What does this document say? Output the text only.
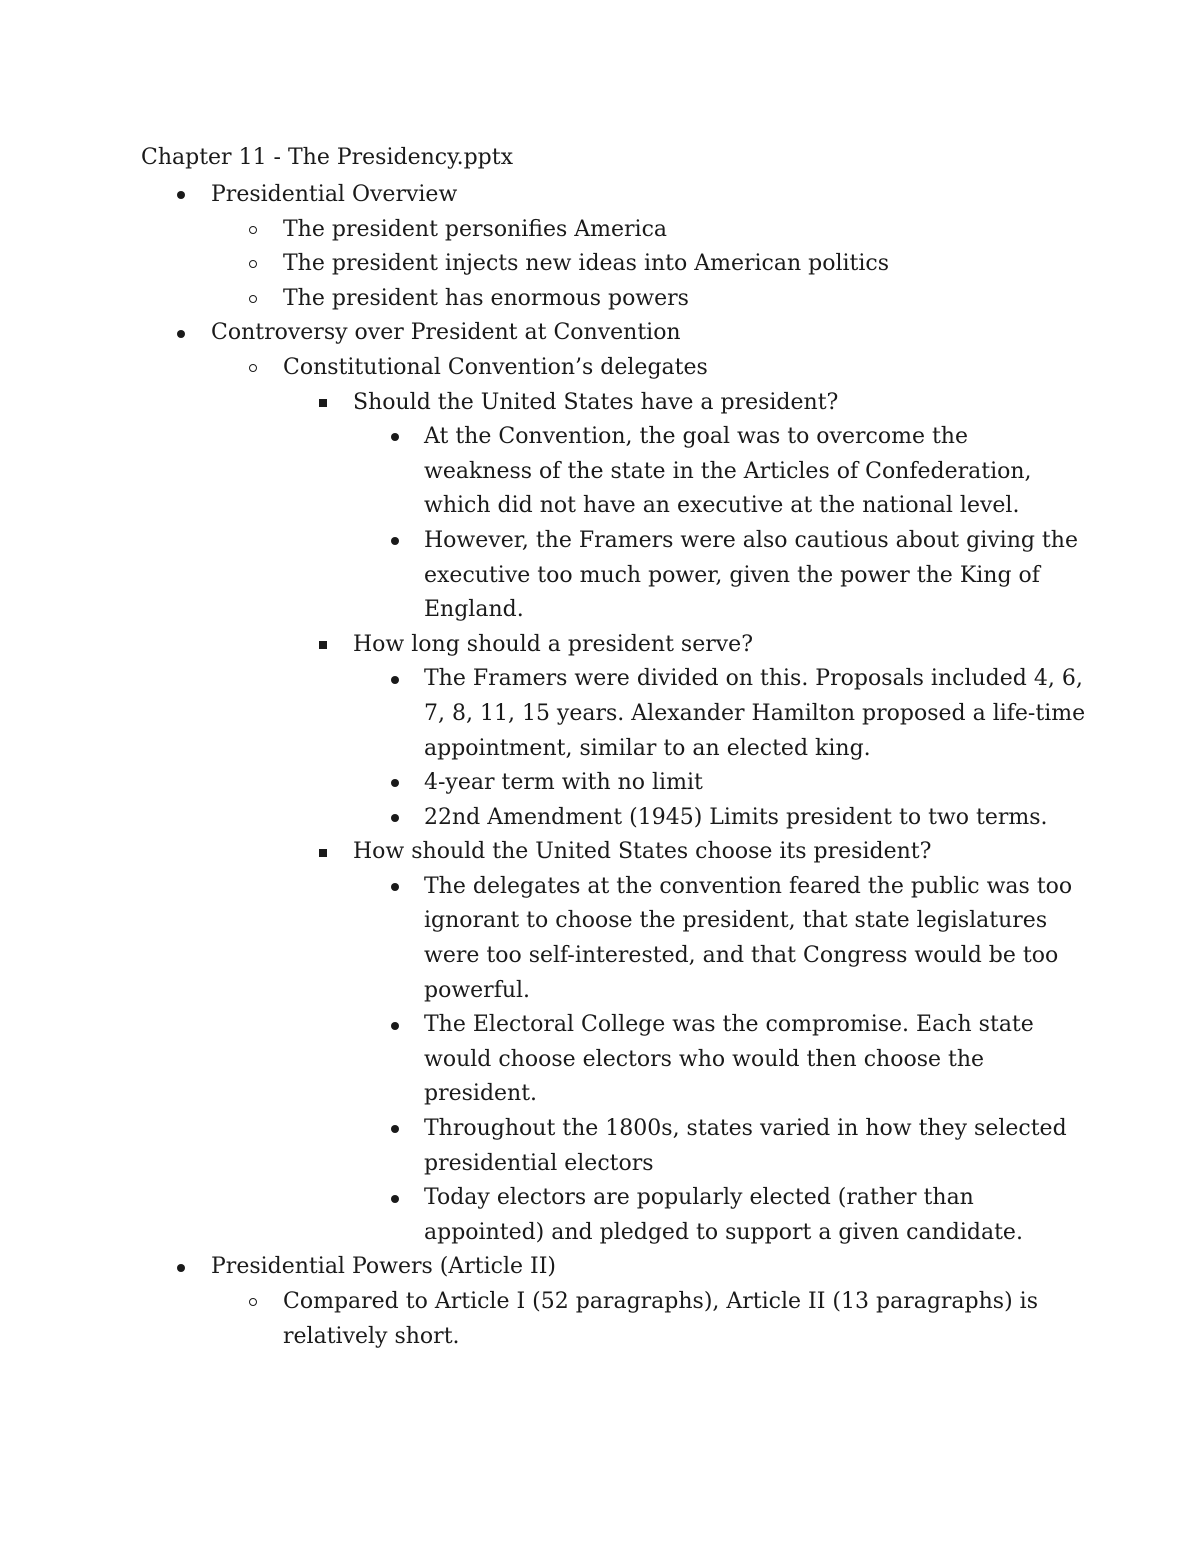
Chapter 11 - The Presidency.pptx
Presidential Overview
The president personifies America
The president injects new ideas into American politics
The president has enormous powers
Controversy over President at Convention
Constitutional Convention’s delegates
Should the United States have a president?
At the Convention, the goal was to overcome the
weakness of the state in the Articles of Confederation,
which did not have an executive at the national level.
However, the Framers were also cautious about giving the
executive too much power, given the power the King of
England.
How long should a president serve?
The Framers were divided on this. Proposals included 4, 6,
7, 8, 11, 15 years. Alexander Hamilton proposed a life-time
appointment, similar to an elected king.
4-year term with no limit
22nd Amendment (1945) Limits president to two terms.
How should the United States choose its president?
The delegates at the convention feared the public was too
ignorant to choose the president, that state legislatures
were too self-interested, and that Congress would be too
powerful.
The Electoral College was the compromise. Each state
would choose electors who would then choose the
president.
Throughout the 1800s, states varied in how they selected
presidential electors
Today electors are popularly elected (rather than
appointed) and pledged to support a given candidate.
Presidential Powers (Article II)
Compared to Article I (52 paragraphs), Article II (13 paragraphs) is
relatively short.
